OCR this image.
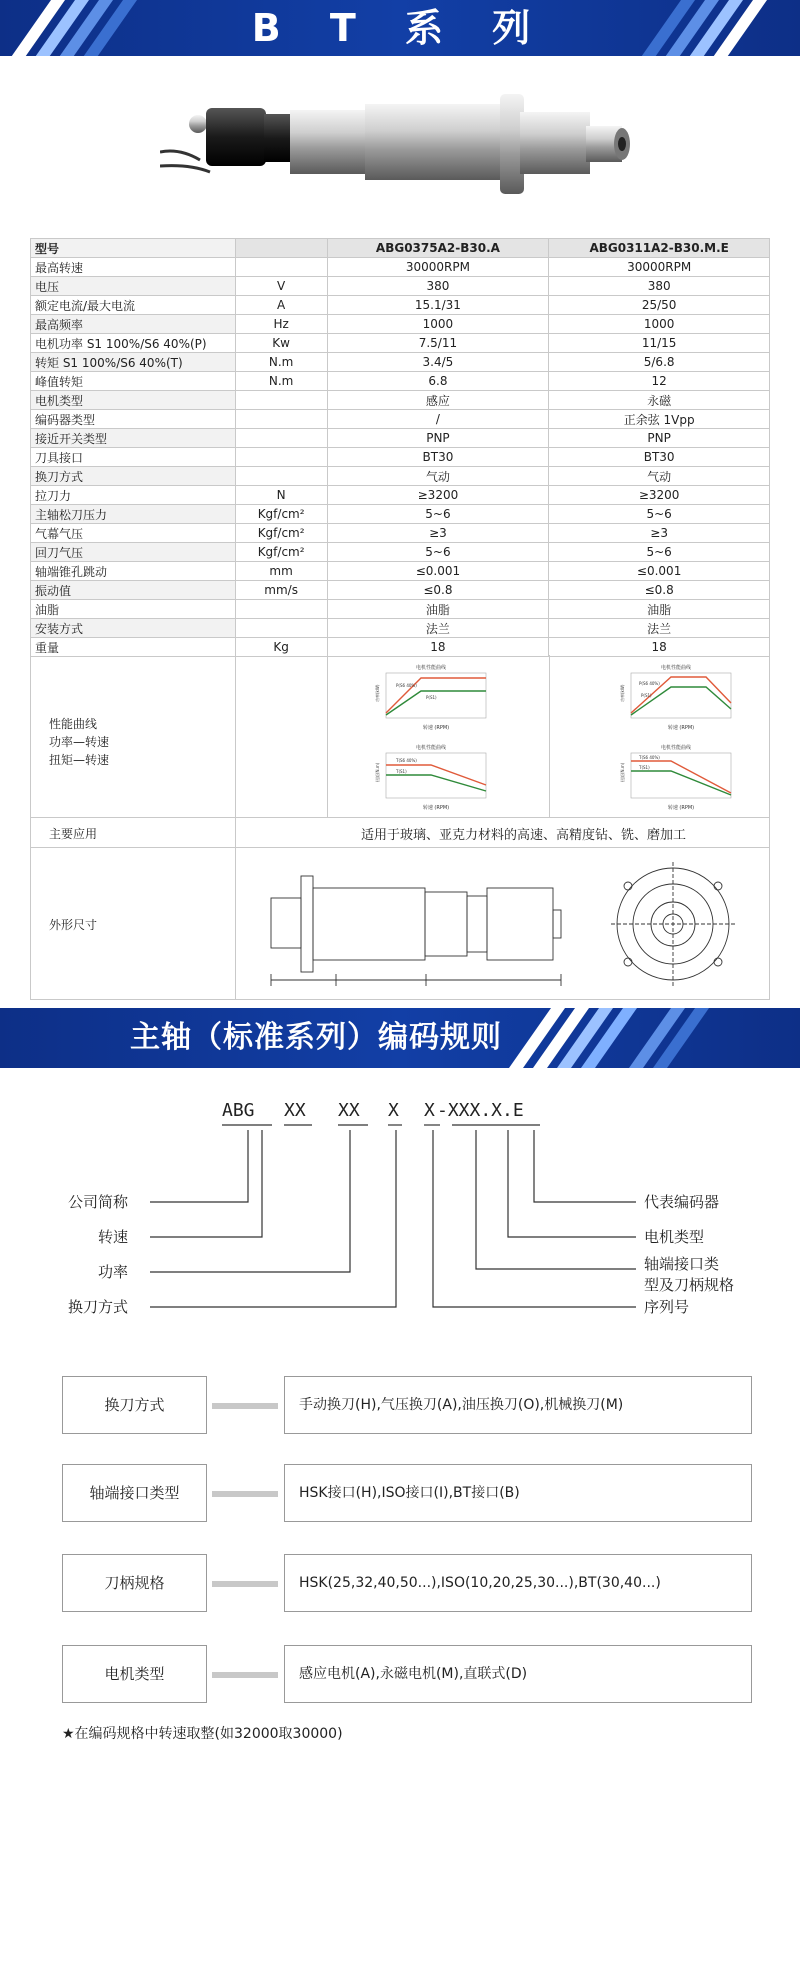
B T 系 列
型号		ABG0375A2-B30.A	ABG0311A2-B30.M.E
最高转速		30000RPM	30000RPM
电压	V	380	380
额定电流/最大电流	A	15.1/31	25/50
最高频率	Hz	1000	1000
电机功率 S1 100%/S6 40%(P)	Kw	7.5/11	11/15
转矩 S1 100%/S6 40%(T)	N.m	3.4/5	5/6.8
峰值转矩	N.m	6.8	12
电机类型		感应	永磁
编码器类型		/	正余弦 1Vpp
接近开关类型		PNP	PNP
刀具接口		BT30	BT30
换刀方式		气动	气动
拉刀力	N	≥3200	≥3200
主轴松刀压力	Kgf/cm²	5~6	5~6
气幕气压	Kgf/cm²	≥3	≥3
回刀气压	Kgf/cm²	5~6	5~6
轴端锥孔跳动	mm	≤0.001	≤0.001
振动值	mm/s	≤0.8	≤0.8
油脂		油脂	油脂
安装方式		法兰	法兰
重量	Kg	18	18
性能曲线
功率—转速
扭矩—转速
电机性能曲线
P(S6 40%)
P(S1)
转速 (RPM)
功率(kW)
电机性能曲线
T(S6 40%)
T(S1)
转速 (RPM)
扭矩(N.m)
电机性能曲线
P(S6 40%)
P(S1)
转速 (RPM)
功率(kW)
电机性能曲线
T(S6 40%)
T(S1)
转速 (RPM)
扭矩(N.m)
主要应用	适用于玻璃、亚克力材料的高速、高精度钻、铣、磨加工
外形尺寸
主轴（标准系列）编码规则
ABG XX XX X X -XXX.X.E
公司简称
转速
功率
换刀方式
代表编码器
电机类型
轴端接口类
型及刀柄规格
序列号
换刀方式	手动换刀(H),气压换刀(A),油压换刀(O),机械换刀(M)
轴端接口类型	HSK接口(H),ISO接口(I),BT接口(B)
刀柄规格	HSK(25,32,40,50...),ISO(10,20,25,30...),BT(30,40...)
电机类型	感应电机(A),永磁电机(M),直联式(D)
★在编码规格中转速取整(如32000取30000)
